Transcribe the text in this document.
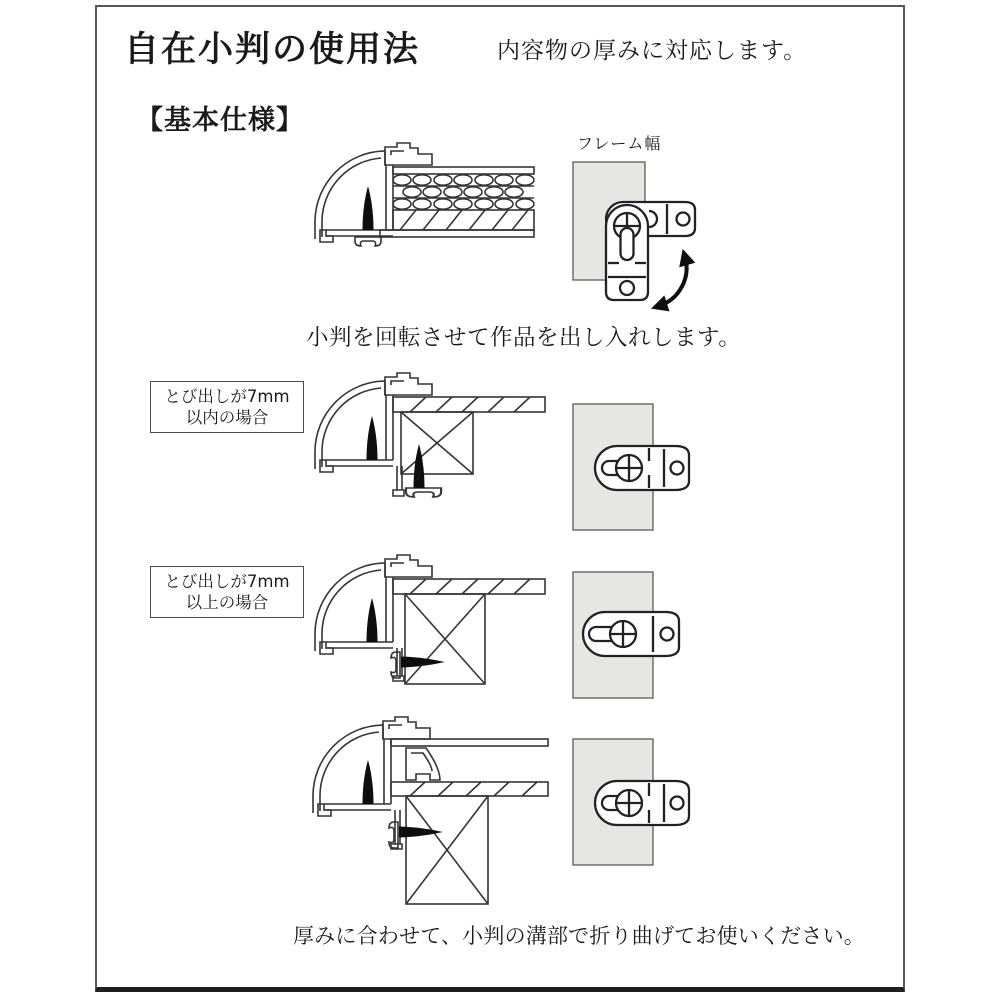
自在小判の使用法	内容物の厚みに対応します。
【基本仕様】
フレーム幅
小判を回転させて作品を出し入れします。
とび出しが7mm
以内の場合
とび出しが7mm
以上の場合
厚みに合わせて、小判の溝部で折り曲げてお使いください。
